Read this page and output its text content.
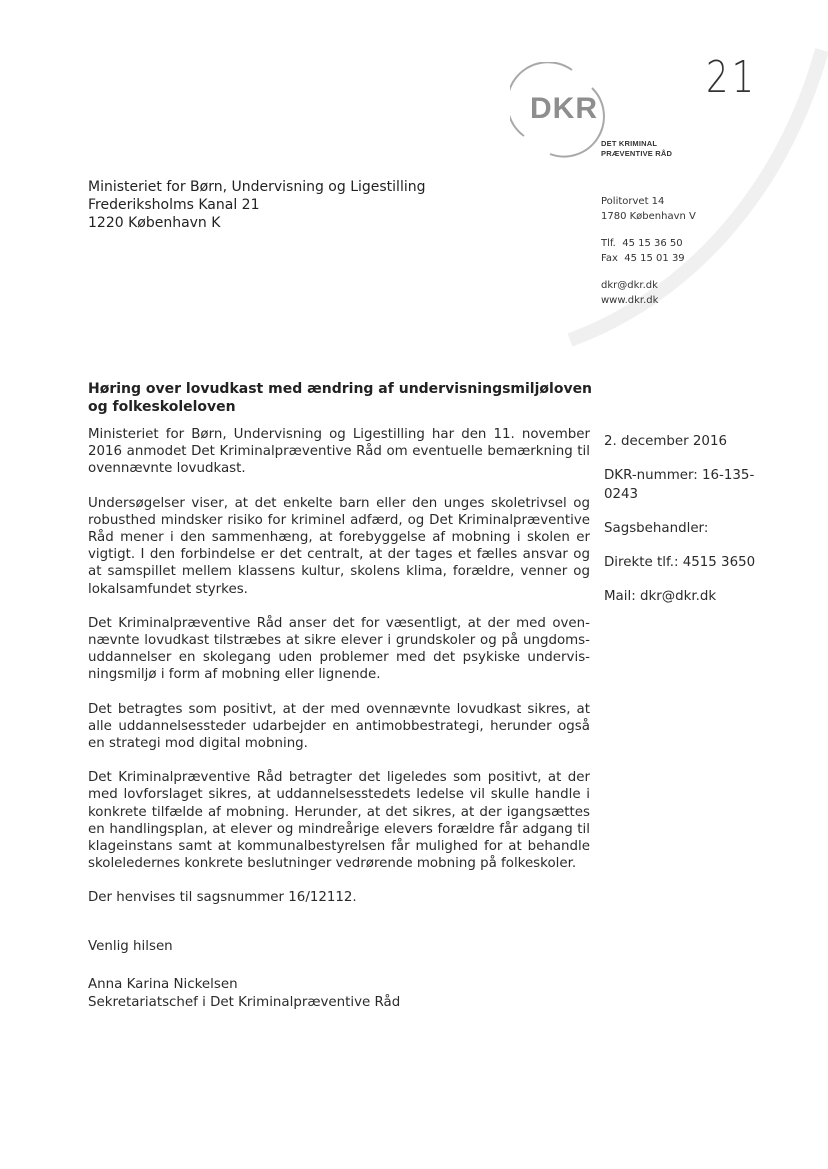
21
DKR
DET KRIMINAL
PRÆVENTIVE RÅD
Ministeriet for Børn, Undervisning og Ligestilling
Frederiksholms Kanal 21
1220 København K
Politorvet 14
1780 København V
Tlf.  45 15 36 50
Fax  45 15 01 39
dkr@dkr.dk
www.dkr.dk
Høring over lovudkast med ændring af undervisningsmiljøloven og folkeskoleloven

Ministeriet for Børn, Undervisning og Ligestilling har den 11. november 2016 anmodet Det Kriminalpræventive Råd om eventuelle bemærkning til ovennævnte lovudkast.

Undersøgelser viser, at det enkelte barn eller den unges skoletrivsel og robusthed mindsker risiko for kriminel adfærd, og Det Kriminalpræventive Råd mener i den sammenhæng, at forebyggelse af mobning i skolen er vigtigt. I den forbindelse er det centralt, at der tages et fælles ansvar og at samspillet mellem klassens kultur, skolens klima, forældre, venner og lokalsamfundet styrkes.

Det Kriminalpræventive Råd anser det for væsentligt, at der med oven-nævnte lovudkast tilstræbes at sikre elever i grundskoler og på ungdoms-uddannelser en skolegang uden problemer med det psykiske undervis-ningsmiljø i form af mobning eller lignende.

Det betragtes som positivt, at der med ovennævnte lovudkast sikres, at alle uddannelsessteder udarbejder en antimobbestrategi, herunder også en strategi mod digital mobning.

Det Kriminalpræventive Råd betragter det ligeledes som positivt, at der med lovforslaget sikres, at uddannelsesstedets ledelse vil skulle handle i konkrete tilfælde af mobning. Herunder, at det sikres, at der igangsættes en handlingsplan, at elever og mindreårige elevers forældre får adgang til klageinstans samt at kommunalbestyrelsen får mulighed for at behandle skoleledernes konkrete beslutninger vedrørende mobning på folkeskoler.

Der henvises til sagsnummer 16/12112.

2. december 2016
DKR-nummer: 16-135-0243
Sagsbehandler:
Direkte tlf.: 4515 3650
Mail: dkr@dkr.dk
Venlig hilsen
Anna Karina Nickelsen
Sekretariatschef i Det Kriminalpræventive Råd
